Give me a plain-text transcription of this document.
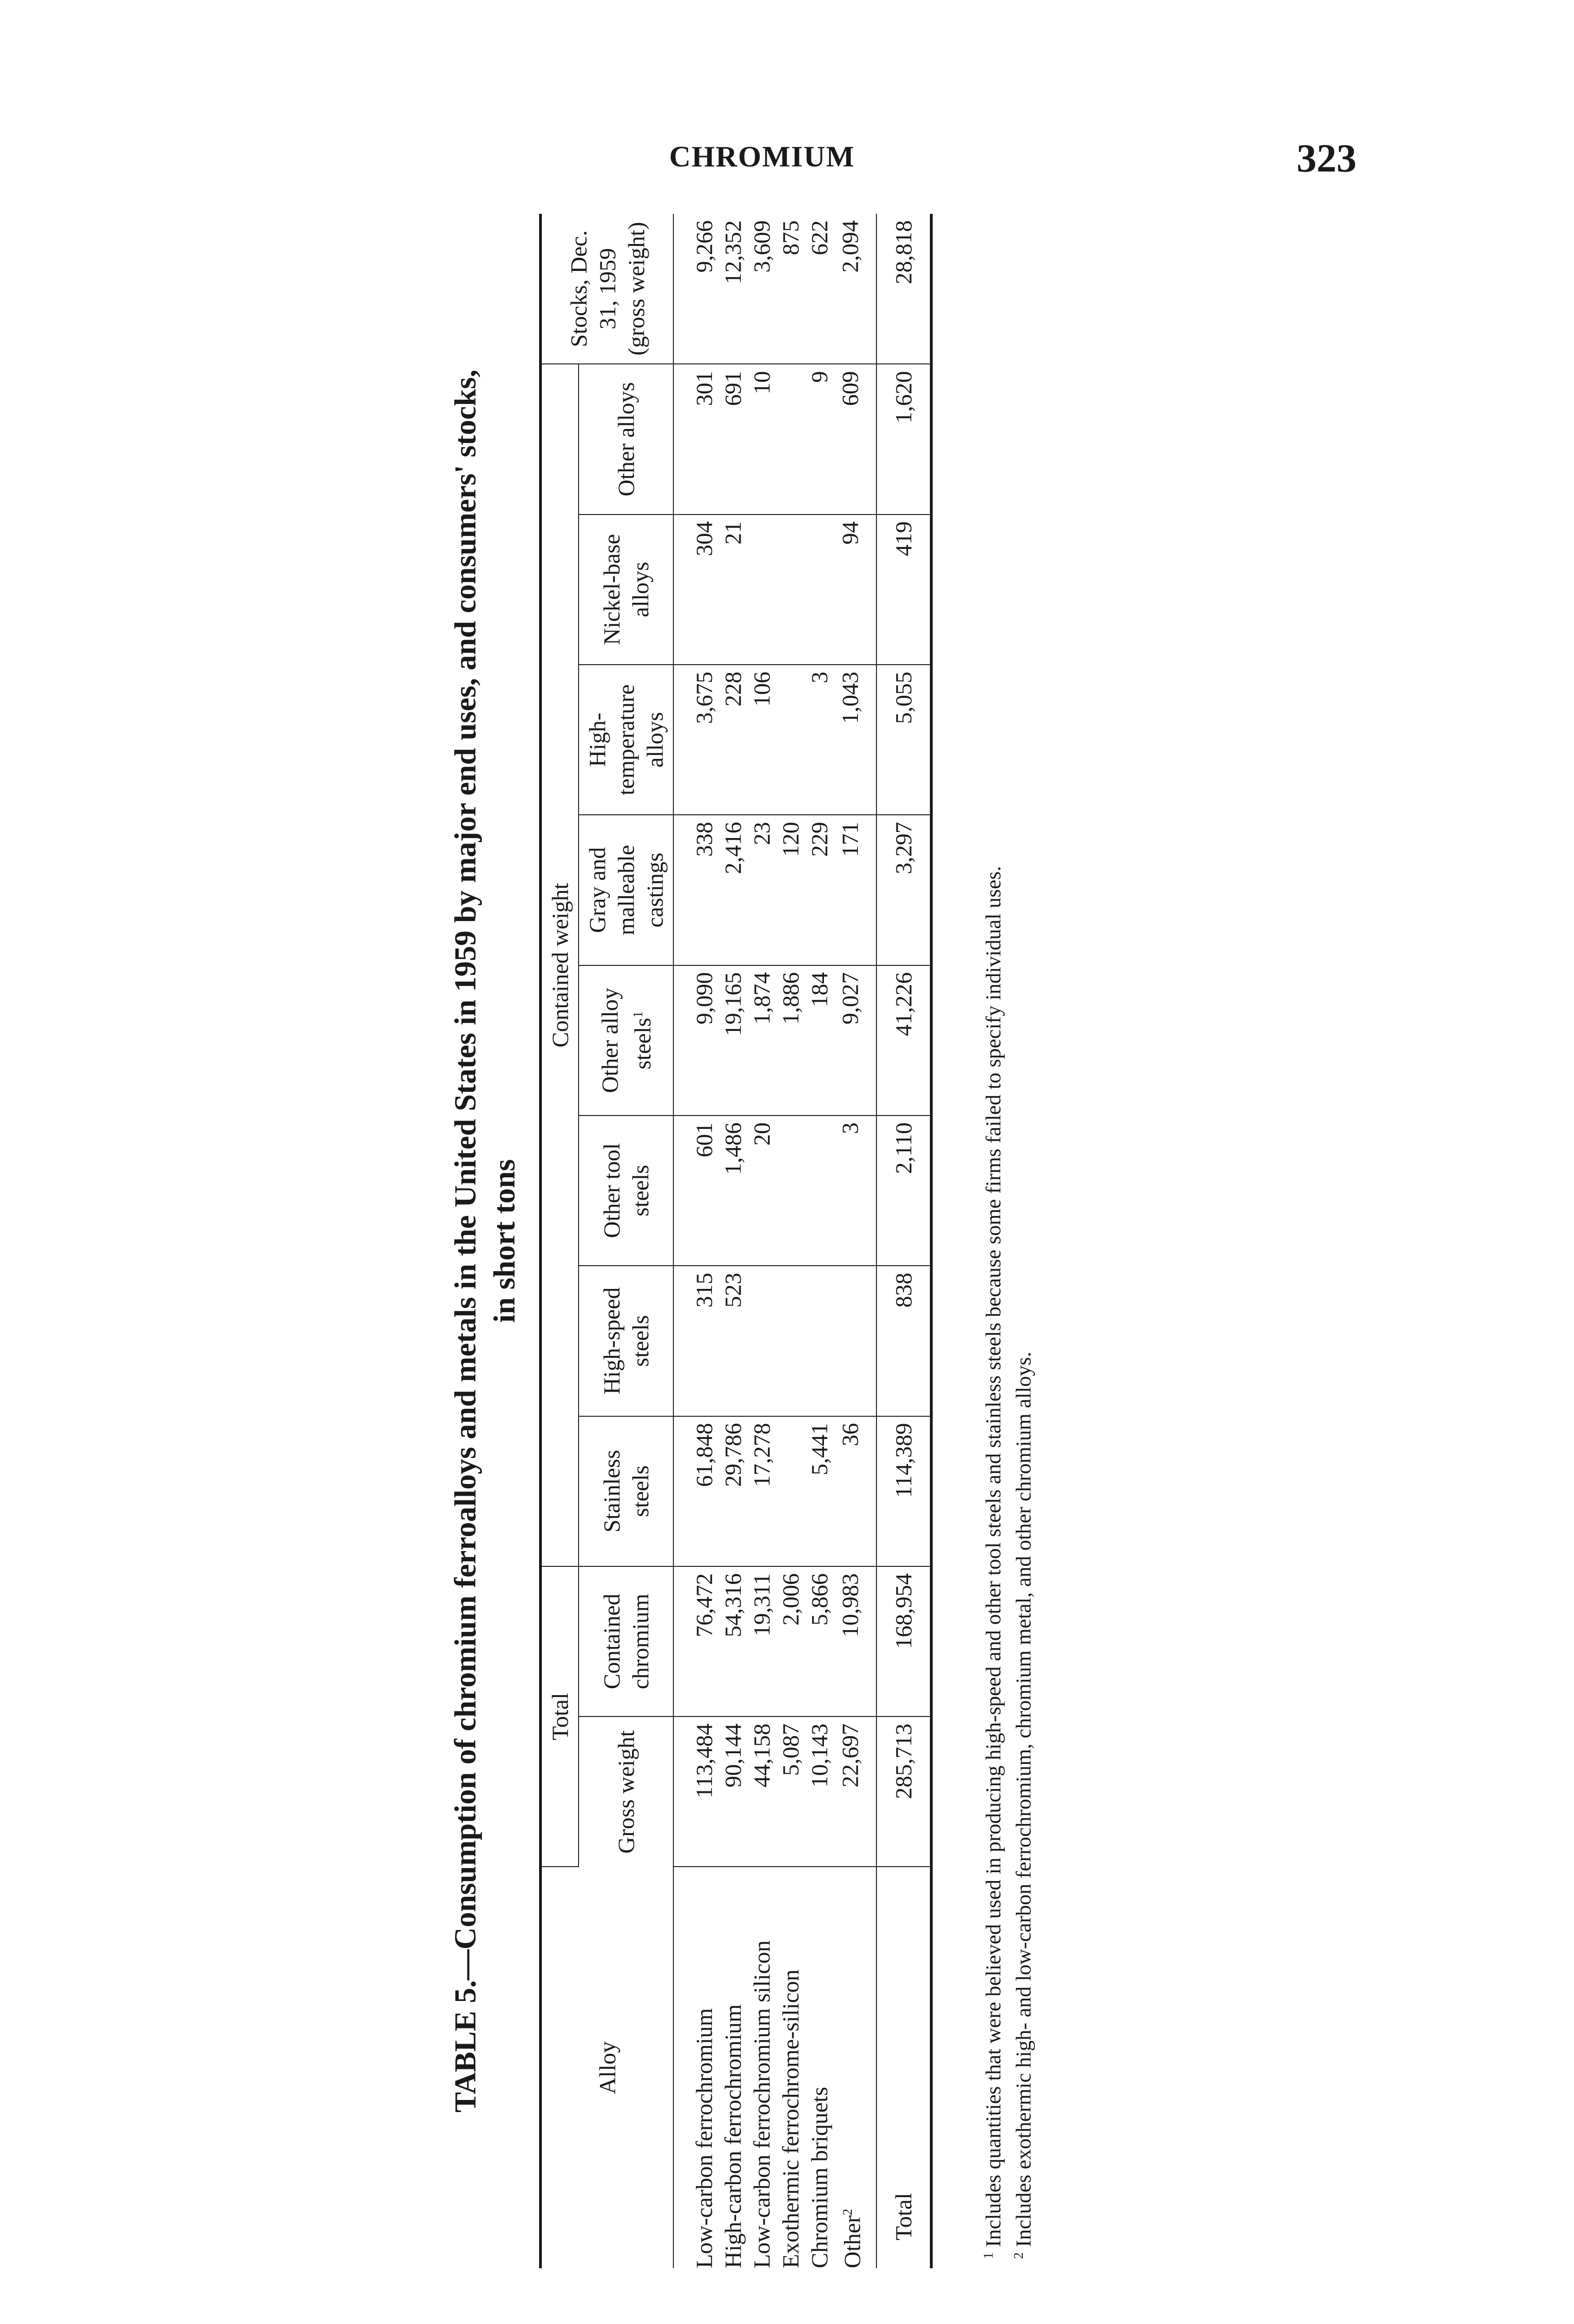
CHROMIUM	323
TABLE 5.—Consumption of chromium ferroalloys and metals in the United States in 1959 by major end uses, and consumers' stocks, in short tons
Alloy	Total		Contained weight								Stocks, Dec. 31, 1959 (gross weight)
	Gross weight	Contained chromium	Stainless steels	High-speed steels	Other tool steels	Other alloy steels$^1$	Gray and malleable castings	High-temperature alloys	Nickel-base alloys	Other alloys	
Low-carbon ferrochromium	113,484	76,472	61,848	315	601	9,090	338	3,675	304	301	9,266
High-carbon ferrochromium	90,144	54,316	29,786	523	1,486	19,165	2,416	228	21	691	12,352
Low-carbon ferrochromium silicon	44,158	19,311	17,278		20	1,874	23	106		10	3,609
Exothermic ferrochrome-silicon	5,087	2,006				1,886	120				875
Chromium briquets	10,143	5,866	5,441			184	229	3		9	622
Other$^2$	22,697	10,983	36		3	9,027	171	1,043	94	609	2,094
Total	285,713	168,954	114,389	838	2,110	41,226	3,297	5,055	419	1,620	28,818
$^1$ Includes quantities that were believed used in producing high-speed and other tool steels and stainless steels because some firms failed to specify individual uses.
$^2$ Includes exothermic high- and low-carbon ferrochromium, chromium metal, and other chromium alloys.
